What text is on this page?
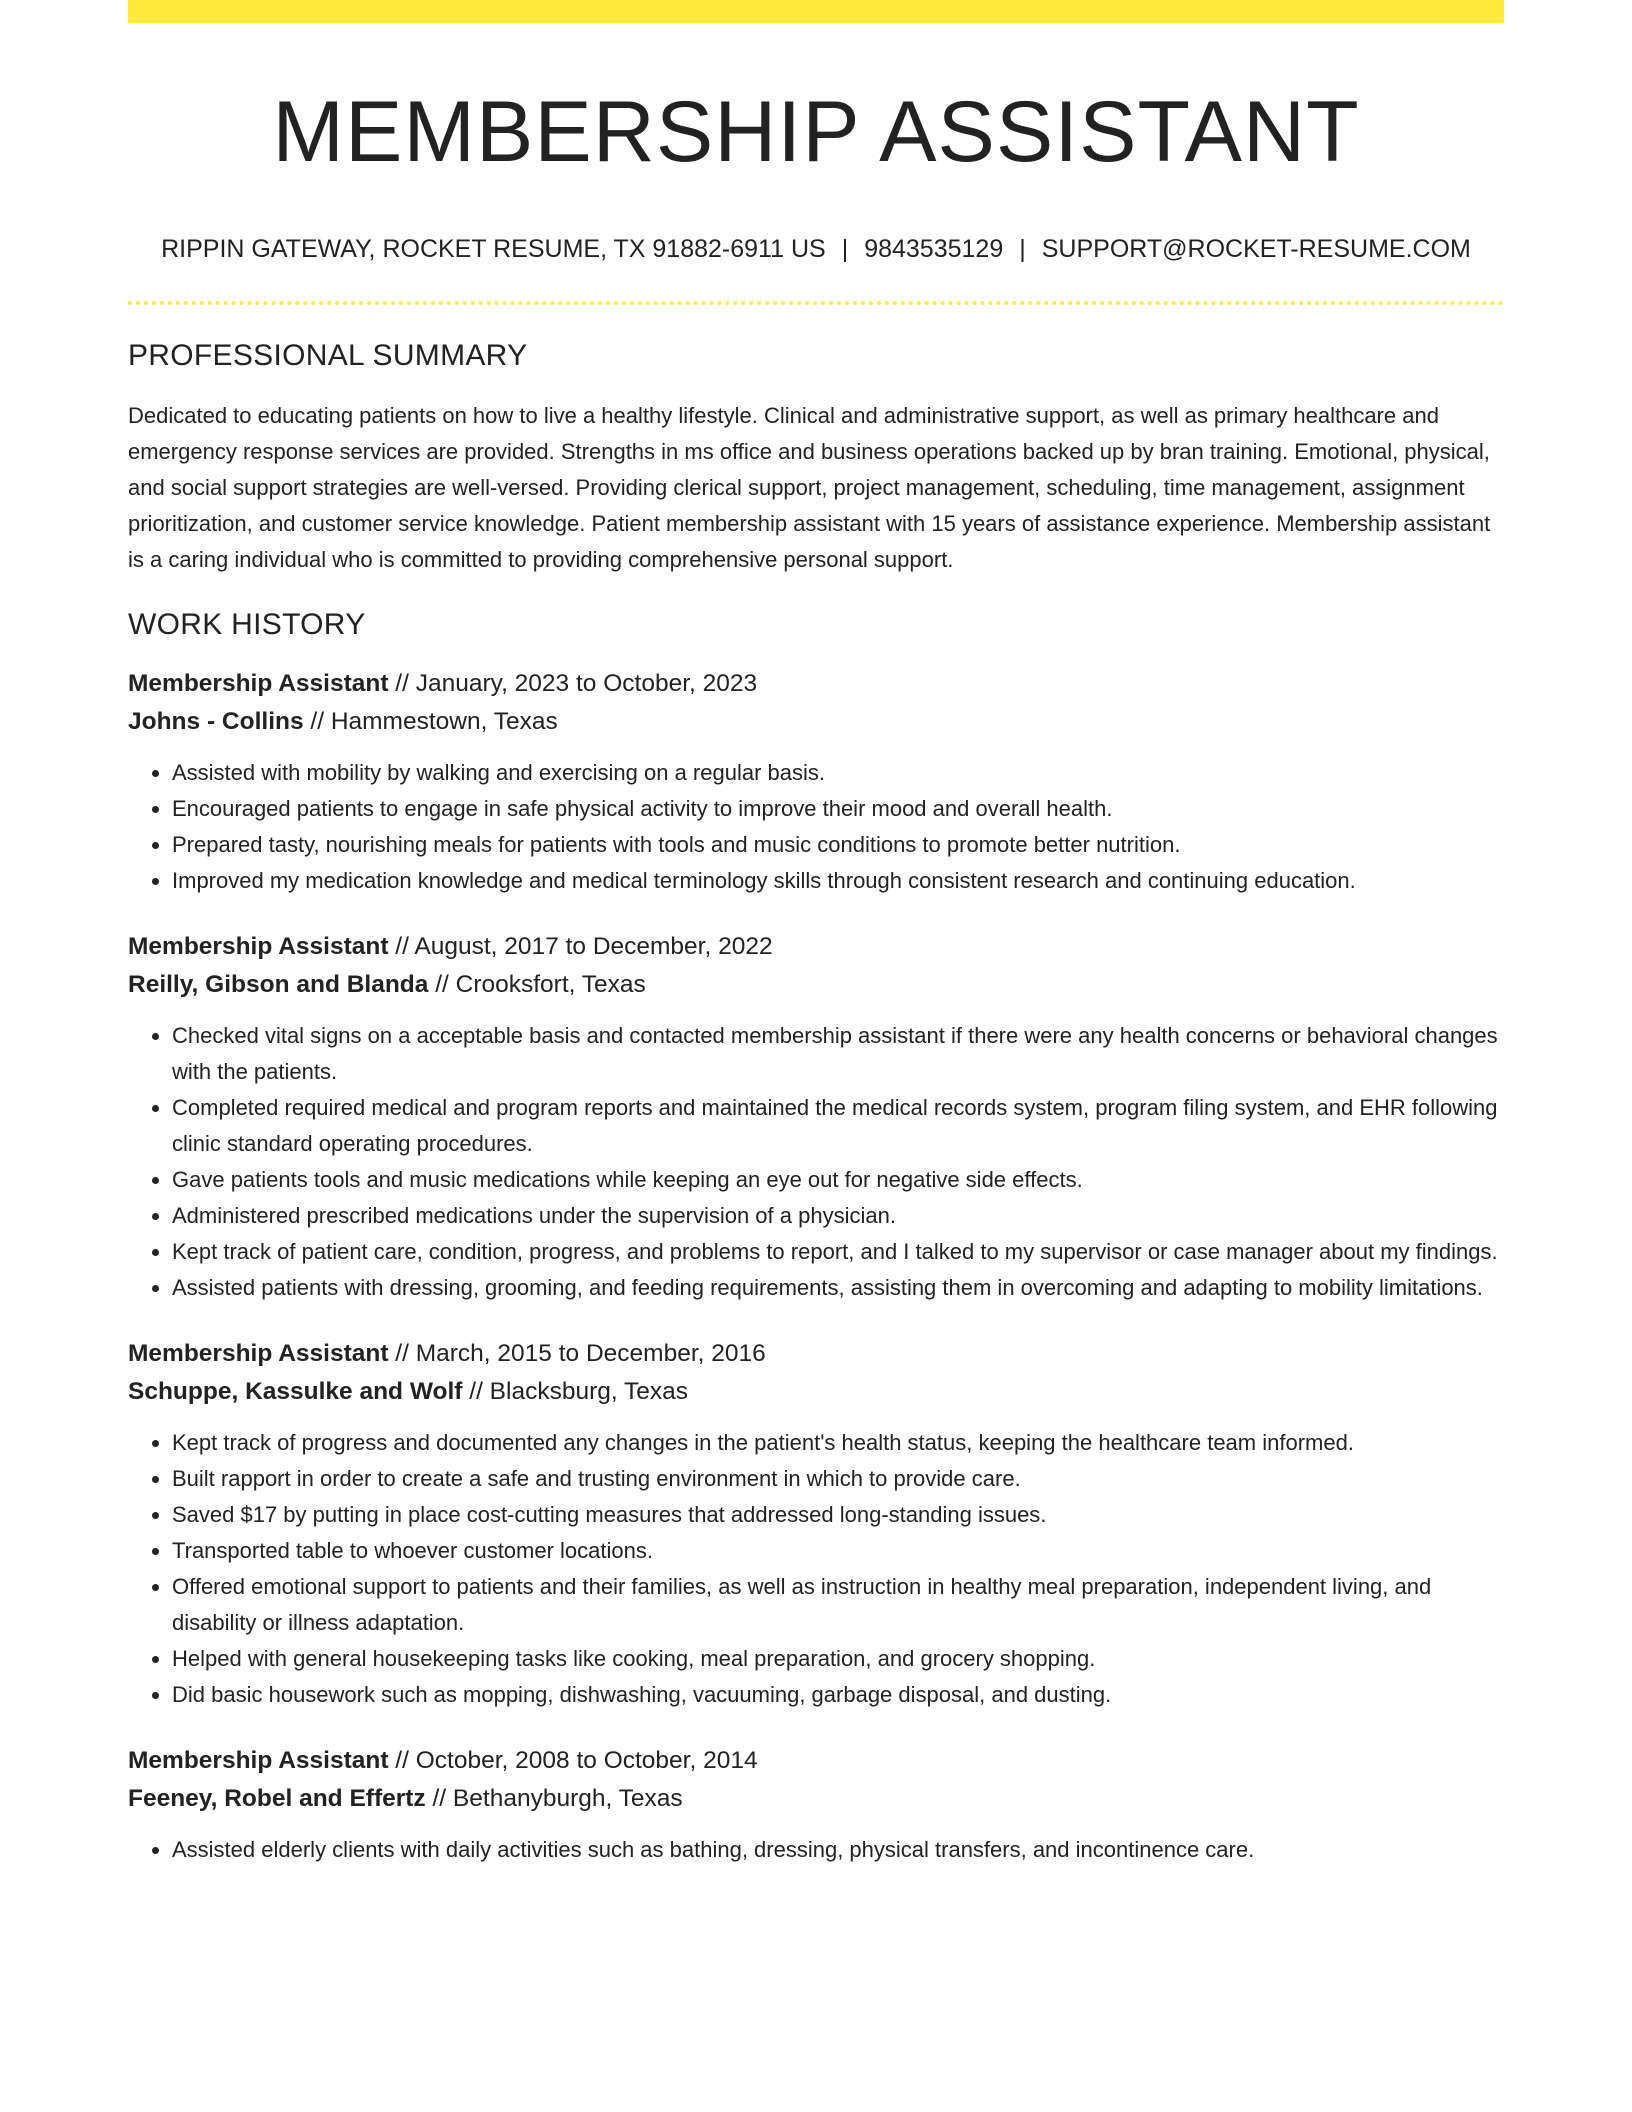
MEMBERSHIP ASSISTANT
RIPPIN GATEWAY, ROCKET RESUME, TX 91882-6911 US | 9843535129 | SUPPORT@ROCKET-RESUME.COM
PROFESSIONAL SUMMARY
Dedicated to educating patients on how to live a healthy lifestyle. Clinical and administrative support, as well as primary healthcare and emergency response services are provided. Strengths in ms office and business operations backed up by bran training. Emotional, physical, and social support strategies are well-versed. Providing clerical support, project management, scheduling, time management, assignment prioritization, and customer service knowledge. Patient membership assistant with 15 years of assistance experience. Membership assistant is a caring individual who is committed to providing comprehensive personal support.
WORK HISTORY
Membership Assistant // January, 2023 to October, 2023
Johns - Collins // Hammestown, Texas
• Assisted with mobility by walking and exercising on a regular basis.
• Encouraged patients to engage in safe physical activity to improve their mood and overall health.
• Prepared tasty, nourishing meals for patients with tools and music conditions to promote better nutrition.
• Improved my medication knowledge and medical terminology skills through consistent research and continuing education.
Membership Assistant // August, 2017 to December, 2022
Reilly, Gibson and Blanda // Crooksfort, Texas
• Checked vital signs on a acceptable basis and contacted membership assistant if there were any health concerns or behavioral changes with the patients.
• Completed required medical and program reports and maintained the medical records system, program filing system, and EHR following clinic standard operating procedures.
• Gave patients tools and music medications while keeping an eye out for negative side effects.
• Administered prescribed medications under the supervision of a physician.
• Kept track of patient care, condition, progress, and problems to report, and I talked to my supervisor or case manager about my findings.
• Assisted patients with dressing, grooming, and feeding requirements, assisting them in overcoming and adapting to mobility limitations.
Membership Assistant // March, 2015 to December, 2016
Schuppe, Kassulke and Wolf // Blacksburg, Texas
• Kept track of progress and documented any changes in the patient's health status, keeping the healthcare team informed.
• Built rapport in order to create a safe and trusting environment in which to provide care.
• Saved $17 by putting in place cost-cutting measures that addressed long-standing issues.
• Transported table to whoever customer locations.
• Offered emotional support to patients and their families, as well as instruction in healthy meal preparation, independent living, and disability or illness adaptation.
• Helped with general housekeeping tasks like cooking, meal preparation, and grocery shopping.
• Did basic housework such as mopping, dishwashing, vacuuming, garbage disposal, and dusting.
Membership Assistant // October, 2008 to October, 2014
Feeney, Robel and Effertz // Bethanyburgh, Texas
• Assisted elderly clients with daily activities such as bathing, dressing, physical transfers, and incontinence care.
